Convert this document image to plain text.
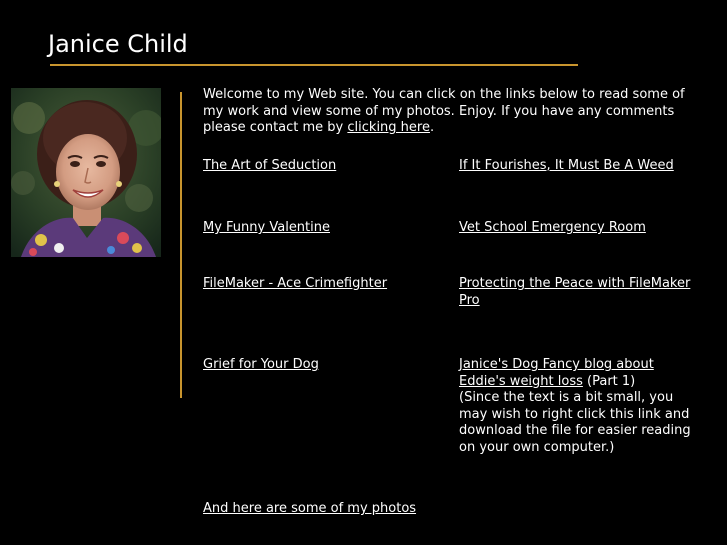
Janice Child

Welcome to my Web site. You can click on the links below to read some of my work and view some of my photos. Enjoy. If you have any comments please contact me by clicking here.

The Art of Seduction	If It Fourishes, It Must Be A Weed

My Funny Valentine	Vet School Emergency Room

FileMaker - Ace Crimefighter	Protecting the Peace with FileMaker Pro

Grief for Your Dog	Janice's Dog Fancy blog about Eddie's weight loss (Part 1)
(Since the text is a bit small, you may wish to right click this link and download the file for easier reading on your own computer.)

And here are some of my photos
